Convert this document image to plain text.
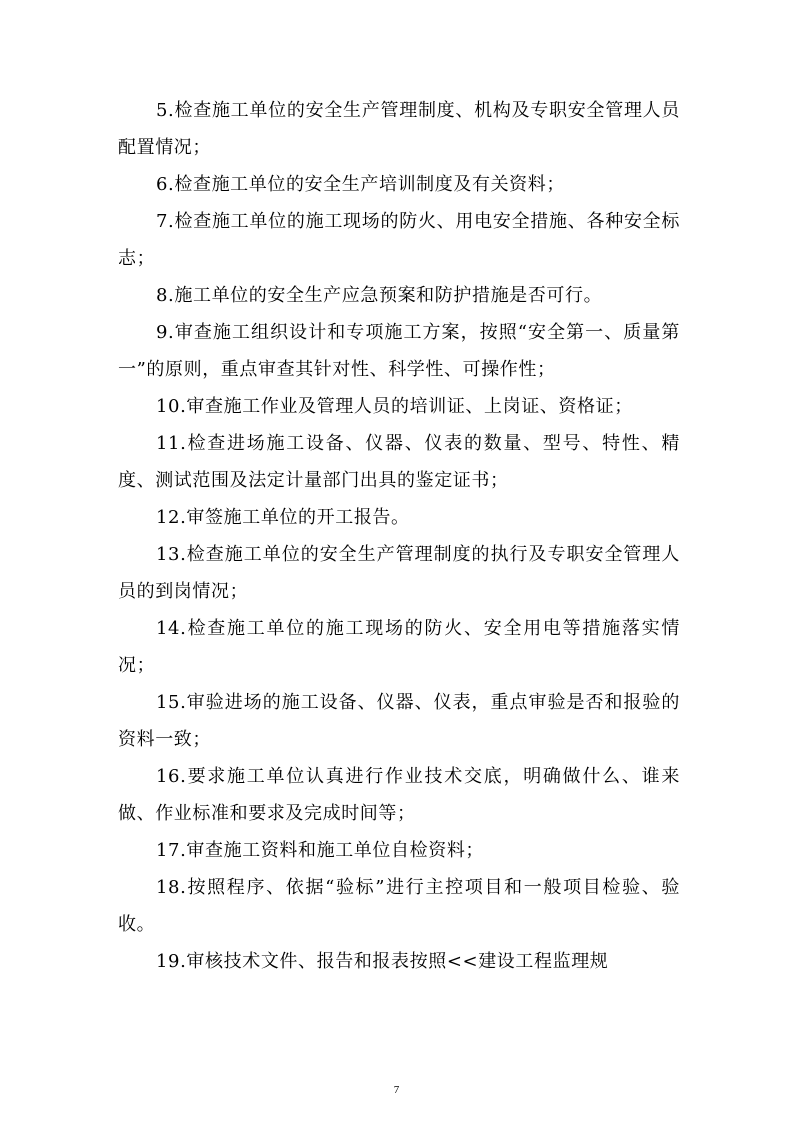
5.检查施工单位的安全生产管理制度、机构及专职安全管理人员配置情况；

6.检查施工单位的安全生产培训制度及有关资料；

7.检查施工单位的施工现场的防火、用电安全措施、各种安全标志；

8.施工单位的安全生产应急预案和防护措施是否可行。

9.审查施工组织设计和专项施工方案，按照“安全第一、质量第一”的原则，重点审查其针对性、科学性、可操作性；

10.审查施工作业及管理人员的培训证、上岗证、资格证；

11.检查进场施工设备、仪器、仪表的数量、型号、特性、精度、测试范围及法定计量部门出具的鉴定证书；

12.审签施工单位的开工报告。

13.检查施工单位的安全生产管理制度的执行及专职安全管理人员的到岗情况；

14.检查施工单位的施工现场的防火、安全用电等措施落实情况；

15.审验进场的施工设备、仪器、仪表，重点审验是否和报验的资料一致；

16.要求施工单位认真进行作业技术交底，明确做什么、谁来做、作业标准和要求及完成时间等；

17.审查施工资料和施工单位自检资料；

18.按照程序、依据“验标”进行主控项目和一般项目检验、验收。

19.审核技术文件、报告和报表按照<<建设工程监理规

7
